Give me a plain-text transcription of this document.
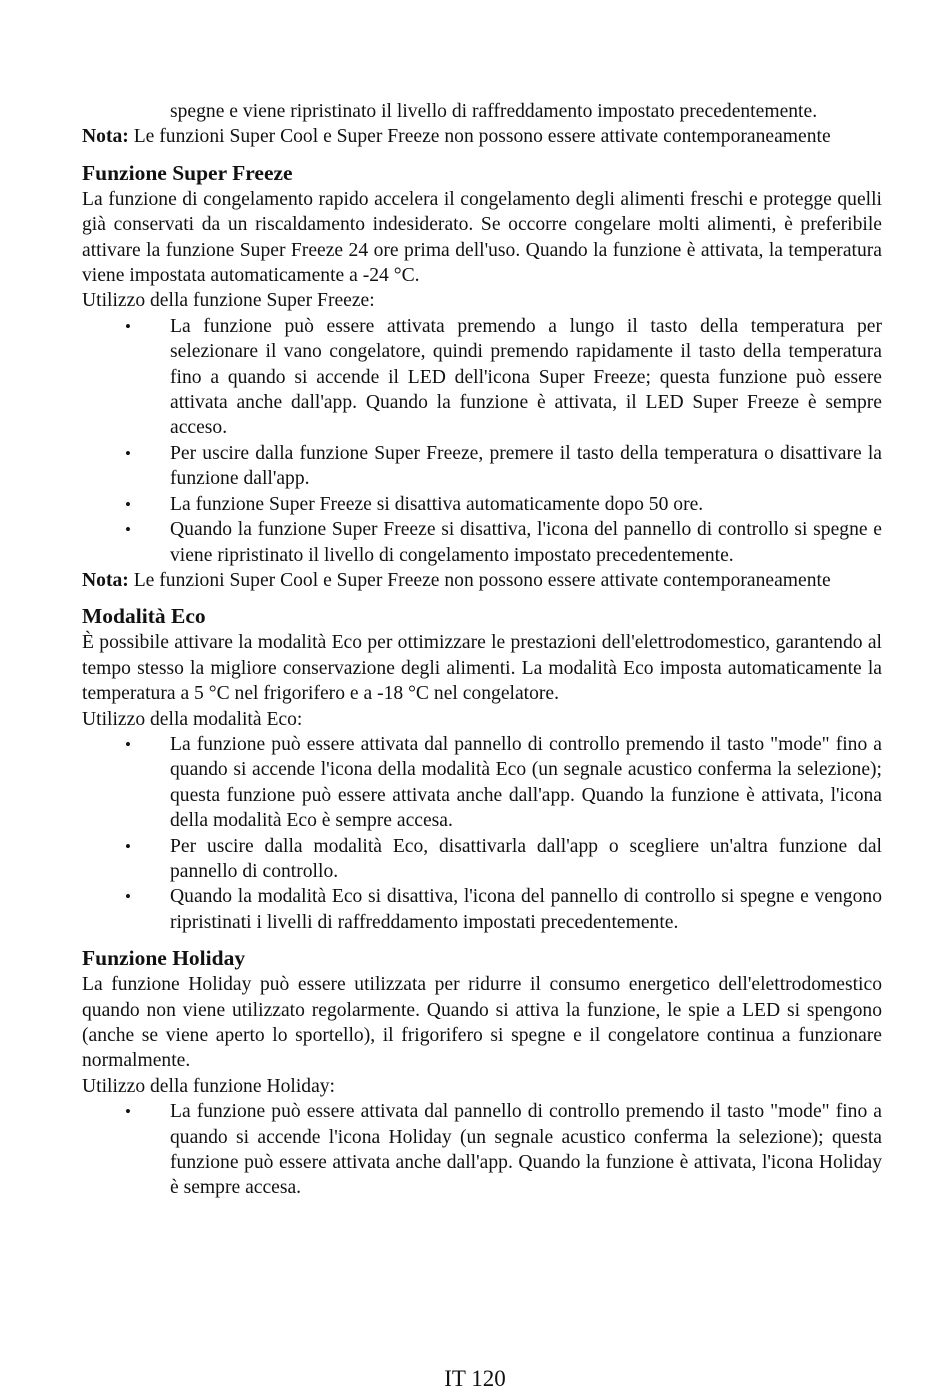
spegne e viene ripristinato il livello di raffreddamento impostato precedentemente.

Nota: Le funzioni Super Cool e Super Freeze non possono essere attivate contemporaneamente

Funzione Super Freeze

La funzione di congelamento rapido accelera il congelamento degli alimenti freschi e protegge quelli già conservati da un riscaldamento indesiderato. Se occorre congelare molti alimenti, è preferibile attivare la funzione Super Freeze 24 ore prima dell'uso. Quando la funzione è attivata, la temperatura viene impostata automaticamente a -24 °C.

Utilizzo della funzione Super Freeze:

• La funzione può essere attivata premendo a lungo il tasto della temperatura per selezionare il vano congelatore, quindi premendo rapidamente il tasto della temperatura fino a quando si accende il LED dell'icona Super Freeze; questa funzione può essere attivata anche dall'app. Quando la funzione è attivata, il LED Super Freeze è sempre acceso.
• Per uscire dalla funzione Super Freeze, premere il tasto della temperatura o disattivare la funzione dall'app.
• La funzione Super Freeze si disattiva automaticamente dopo 50 ore.
• Quando la funzione Super Freeze si disattiva, l'icona del pannello di controllo si spegne e viene ripristinato il livello di congelamento impostato precedentemente.

Nota: Le funzioni Super Cool e Super Freeze non possono essere attivate contemporaneamente

Modalità Eco

È possibile attivare la modalità Eco per ottimizzare le prestazioni dell'elettrodomestico, garantendo al tempo stesso la migliore conservazione degli alimenti. La modalità Eco imposta automaticamente la temperatura a 5 °C nel frigorifero e a -18 °C nel congelatore.

Utilizzo della modalità Eco:

• La funzione può essere attivata dal pannello di controllo premendo il tasto "mode" fino a quando si accende l'icona della modalità Eco (un segnale acustico conferma la selezione); questa funzione può essere attivata anche dall'app. Quando la funzione è attivata, l'icona della modalità Eco è sempre accesa.
• Per uscire dalla modalità Eco, disattivarla dall'app o scegliere un'altra funzione dal pannello di controllo.
• Quando la modalità Eco si disattiva, l'icona del pannello di controllo si spegne e vengono ripristinati i livelli di raffreddamento impostati precedentemente.
Funzione Holiday

La funzione Holiday può essere utilizzata per ridurre il consumo energetico dell'elettrodomestico quando non viene utilizzato regolarmente. Quando si attiva la funzione, le spie a LED si spengono (anche se viene aperto lo sportello), il frigorifero si spegne e il congelatore continua a funzionare normalmente.

Utilizzo della funzione Holiday:

• La funzione può essere attivata dal pannello di controllo premendo il tasto "mode" fino a quando si accende l'icona Holiday (un segnale acustico conferma la selezione); questa funzione può essere attivata anche dall'app. Quando la funzione è attivata, l'icona Holiday è sempre accesa.
IT 120
